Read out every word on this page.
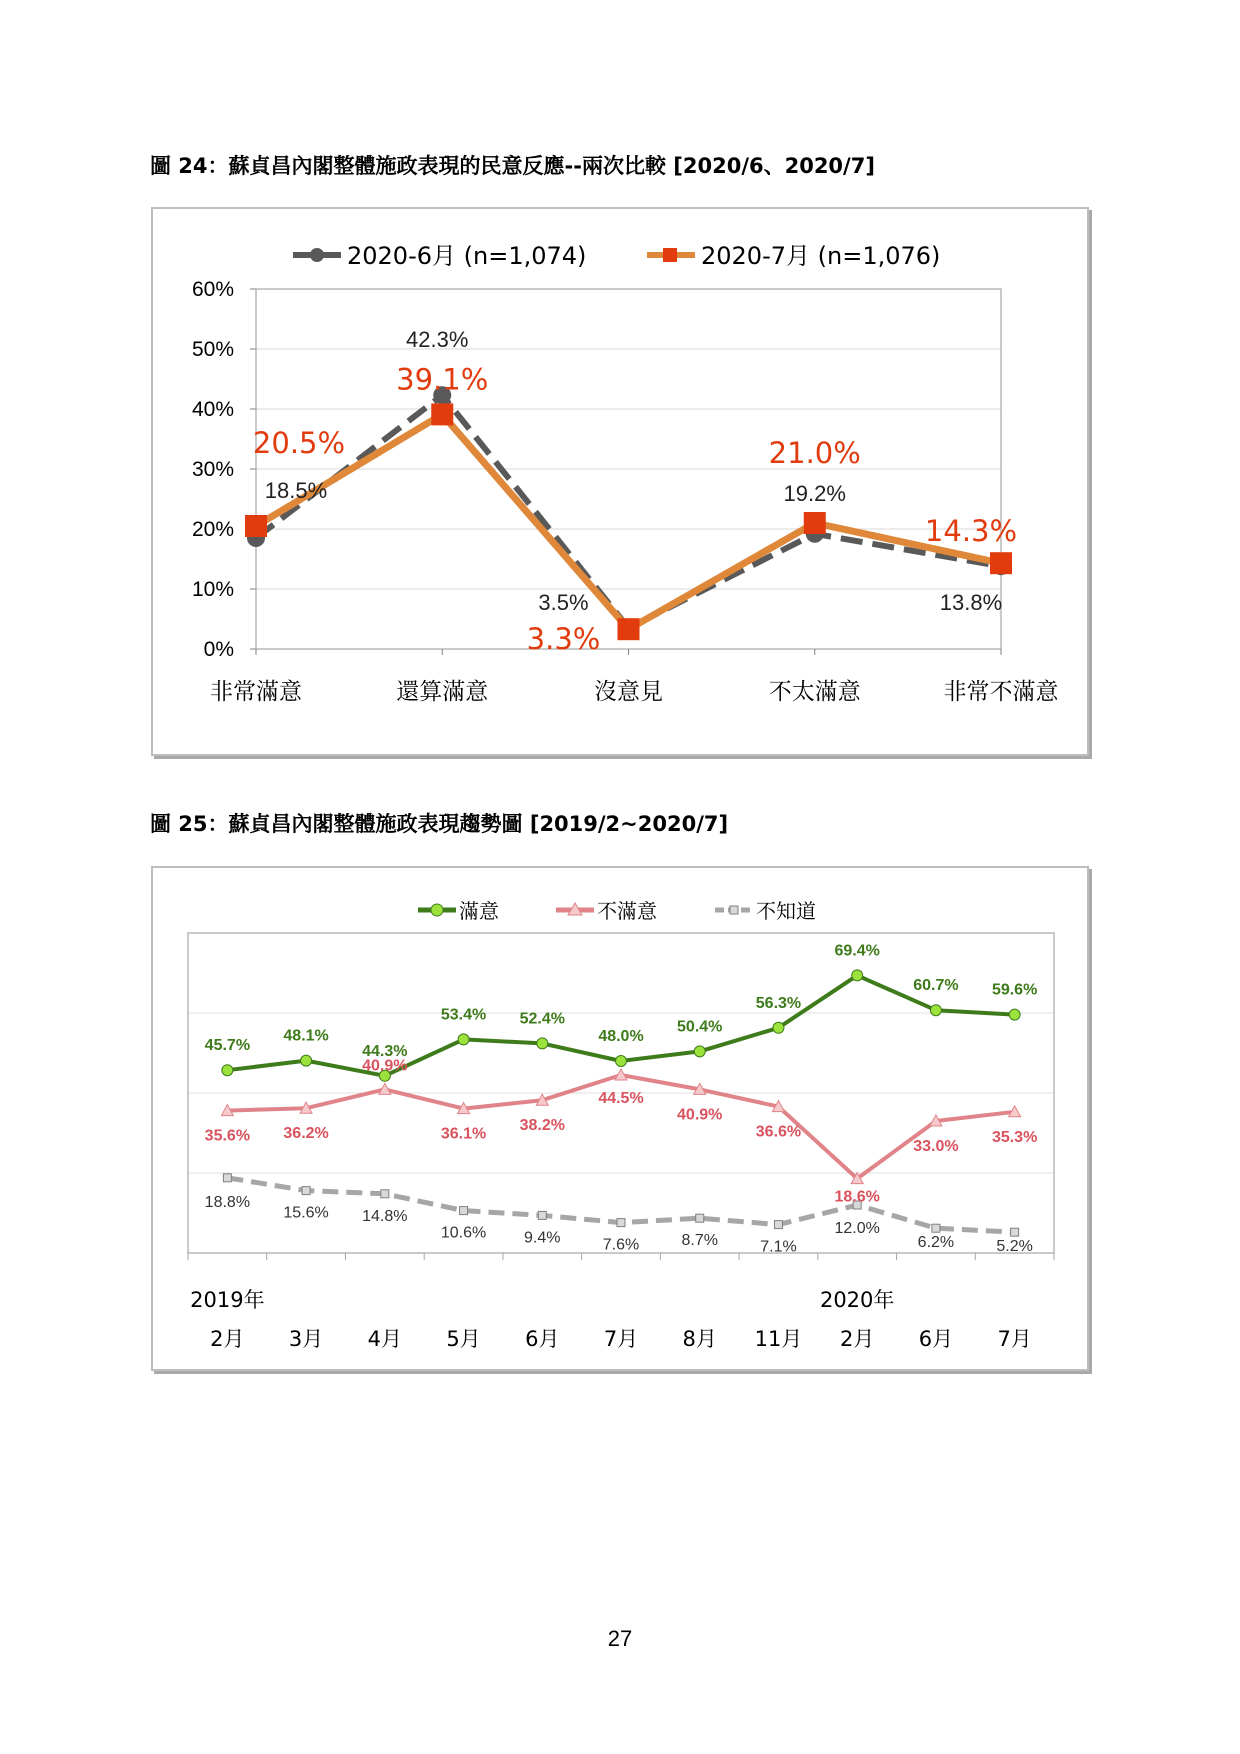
圖 24：蘇貞昌內閣整體施政表現的民意反應--兩次比較 [2020/6、2020/7]
0%
10%
20%
30%
40%
50%
60%
非常滿意	還算滿意	沒意見	不太滿意	非常不滿意
2020-6月 (n=1,074)	2020-7月 (n=1,076)
18.5%
42.3%
3.5%
19.2%
13.8%
20.5%
39.1%
3.3%
21.0%
14.3%
圖 25：蘇貞昌內閣整體施政表現趨勢圖 [2019/2~2020/7]
2月 3月 4月 5月 6月 7月 8月 11月 2月 6月 7月
2019年	2020年
滿意	不滿意	不知道
45.7%
48.1%
44.3%
53.4% 52.4%
48.0%
50.4%
56.3%
69.4%
60.7% 59.6%
35.6% 36.2%
40.9%
36.1% 38.2%
44.5%
40.9%
36.6%
18.6%
33.0%
35.3%
18.8%
15.6% 14.8%
10.6% 9.4%	7.6%	8.7%	7.1%
12.0%
6.2%	5.2%
27
